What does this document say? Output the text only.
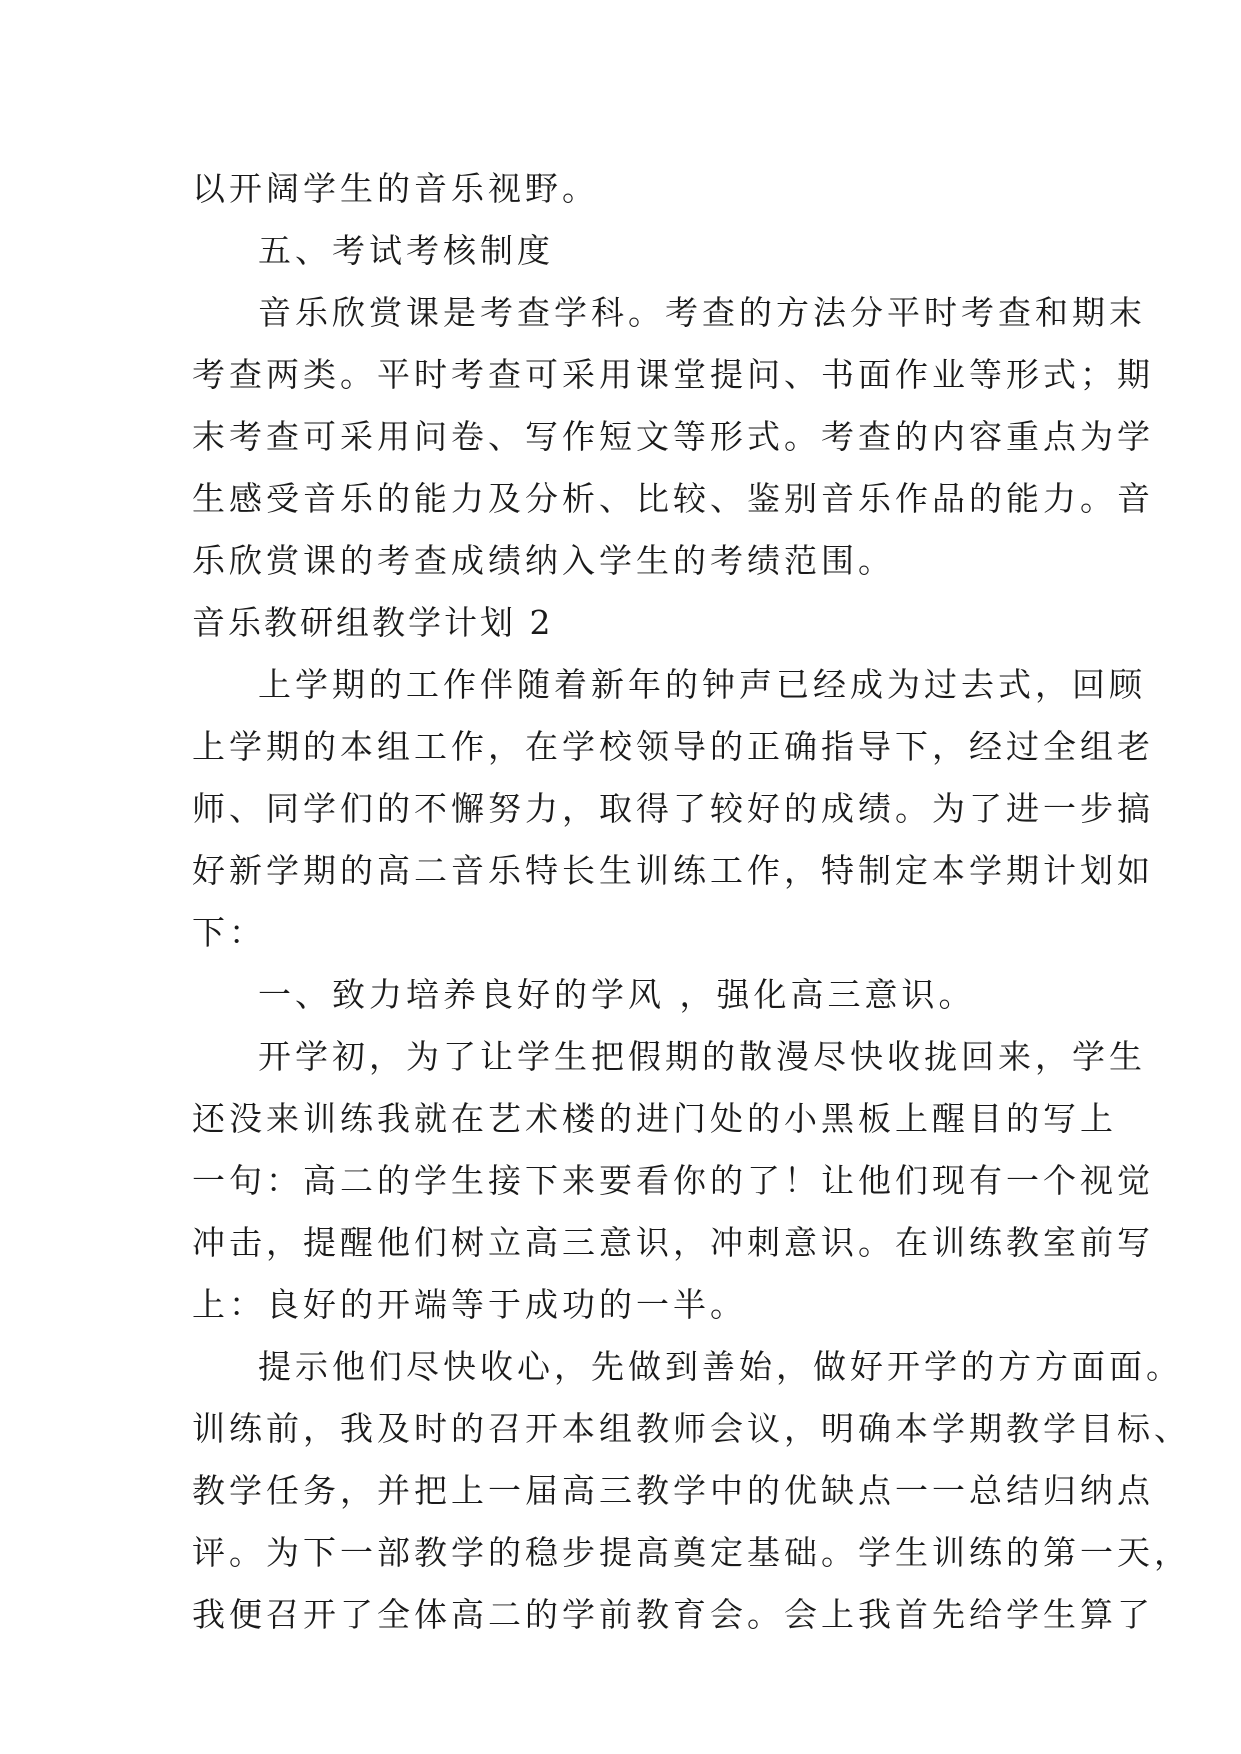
以开阔学生的音乐视野。

五、考试考核制度

音乐欣赏课是考查学科。考查的方法分平时考查和期末

考查两类。平时考查可采用课堂提问、书面作业等形式；期

末考查可采用问卷、写作短文等形式。考查的内容重点为学

生感受音乐的能力及分析、比较、鉴别音乐作品的能力。音

乐欣赏课的考查成绩纳入学生的考绩范围。

音乐教研组教学计划 2

上学期的工作伴随着新年的钟声已经成为过去式，回顾

上学期的本组工作，在学校领导的正确指导下，经过全组老

师、同学们的不懈努力，取得了较好的成绩。为了进一步搞

好新学期的高二音乐特长生训练工作，特制定本学期计划如

下：

一、致力培养良好的学风 ，强化高三意识。

开学初，为了让学生把假期的散漫尽快收拢回来，学生

还没来训练我就在艺术楼的进门处的小黑板上醒目的写上

一句：高二的学生接下来要看你的了！让他们现有一个视觉

冲击，提醒他们树立高三意识，冲刺意识。在训练教室前写

上：良好的开端等于成功的一半。

提示他们尽快收心，先做到善始，做好开学的方方面面。

训练前，我及时的召开本组教师会议，明确本学期教学目标、

教学任务，并把上一届高三教学中的优缺点一一总结归纳点

评。为下一部教学的稳步提高奠定基础。学生训练的第一天，

我便召开了全体高二的学前教育会。会上我首先给学生算了
